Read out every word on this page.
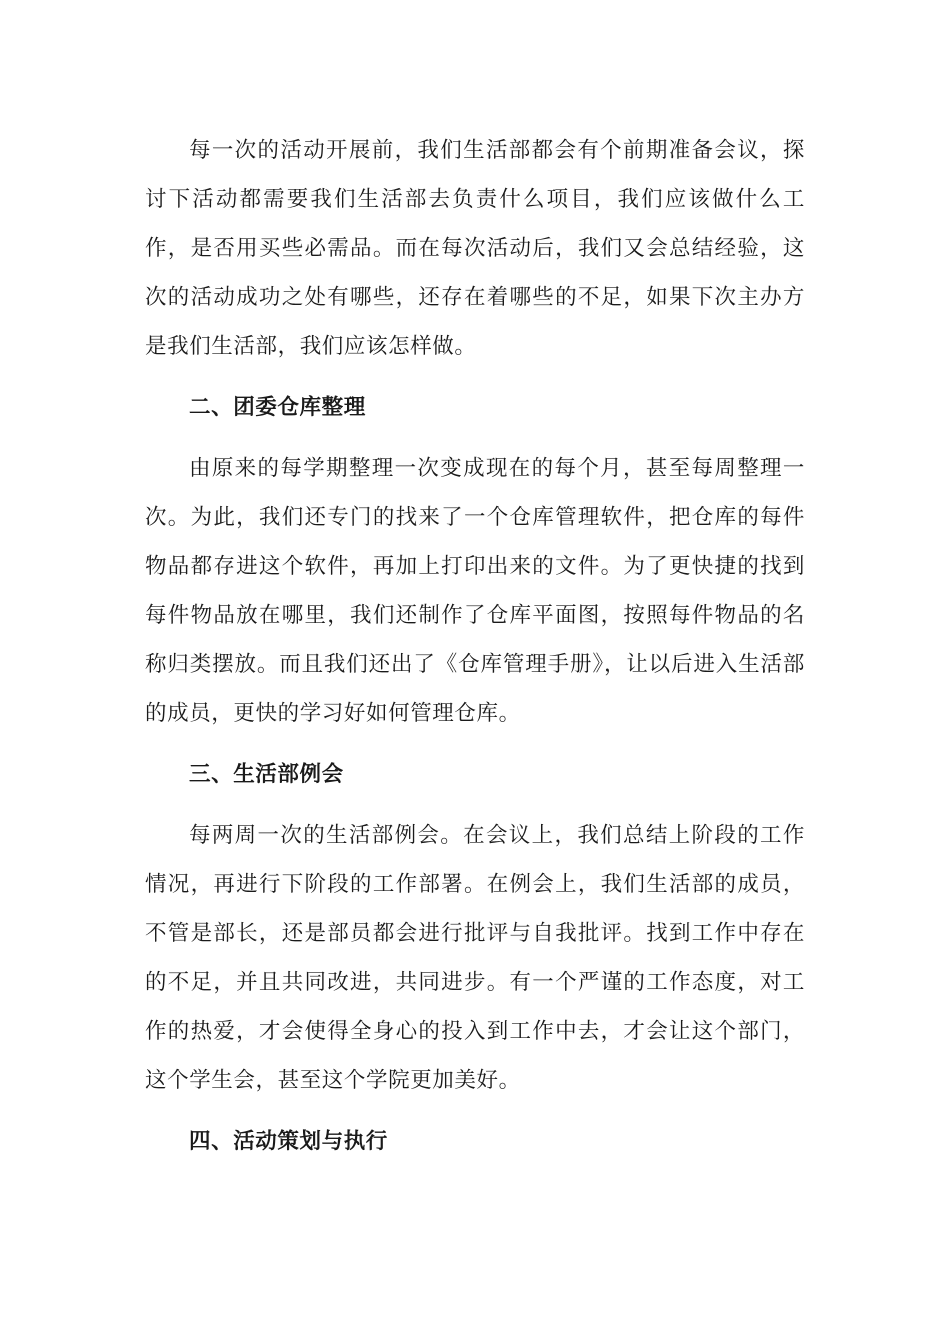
每一次的活动开展前，我们生活部都会有个前期准备会议，探讨下活动都需要我们生活部去负责什么项目，我们应该做什么工作，是否用买些必需品。而在每次活动后，我们又会总结经验，这次的活动成功之处有哪些，还存在着哪些的不足，如果下次主办方是我们生活部，我们应该怎样做。

二、团委仓库整理

由原来的每学期整理一次变成现在的每个月，甚至每周整理一次。为此，我们还专门的找来了一个仓库管理软件，把仓库的每件物品都存进这个软件，再加上打印出来的文件。为了更快捷的找到每件物品放在哪里，我们还制作了仓库平面图，按照每件物品的名称归类摆放。而且我们还出了《仓库管理手册》，让以后进入生活部的成员，更快的学习好如何管理仓库。

三、生活部例会

每两周一次的生活部例会。在会议上，我们总结上阶段的工作情况，再进行下阶段的工作部署。在例会上，我们生活部的成员，不管是部长，还是部员都会进行批评与自我批评。找到工作中存在的不足，并且共同改进，共同进步。有一个严谨的工作态度，对工作的热爱，才会使得全身心的投入到工作中去，才会让这个部门，这个学生会，甚至这个学院更加美好。

四、活动策划与执行
